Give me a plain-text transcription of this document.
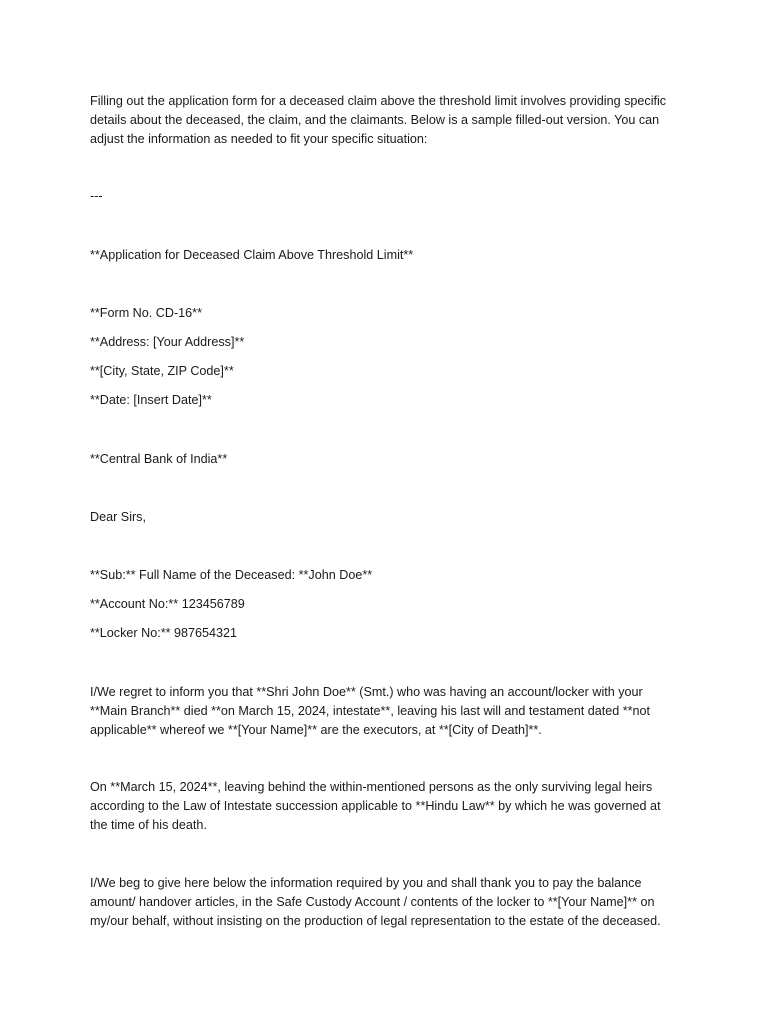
Filling out the application form for a deceased claim above the threshold limit involves providing specific
details about the deceased, the claim, and the claimants. Below is a sample filled-out version. You can
adjust the information as needed to fit your specific situation:
---
**Application for Deceased Claim Above Threshold Limit**
**Form No. CD-16**
**Address: [Your Address]**
**[City, State, ZIP Code]**
**Date: [Insert Date]**
**Central Bank of India**
Dear Sirs,
**Sub:** Full Name of the Deceased: **John Doe**
**Account No:** 123456789
**Locker No:** 987654321
I/We regret to inform you that **Shri John Doe** (Smt.) who was having an account/locker with your
**Main Branch** died **on March 15, 2024, intestate**, leaving his last will and testament dated **not
applicable** whereof we **[Your Name]** are the executors, at **[City of Death]**.
On **March 15, 2024**, leaving behind the within-mentioned persons as the only surviving legal heirs
according to the Law of Intestate succession applicable to **Hindu Law** by which he was governed at
the time of his death.
I/We beg to give here below the information required by you and shall thank you to pay the balance
amount/ handover articles, in the Safe Custody Account / contents of the locker to **[Your Name]** on
my/our behalf, without insisting on the production of legal representation to the estate of the deceased.
